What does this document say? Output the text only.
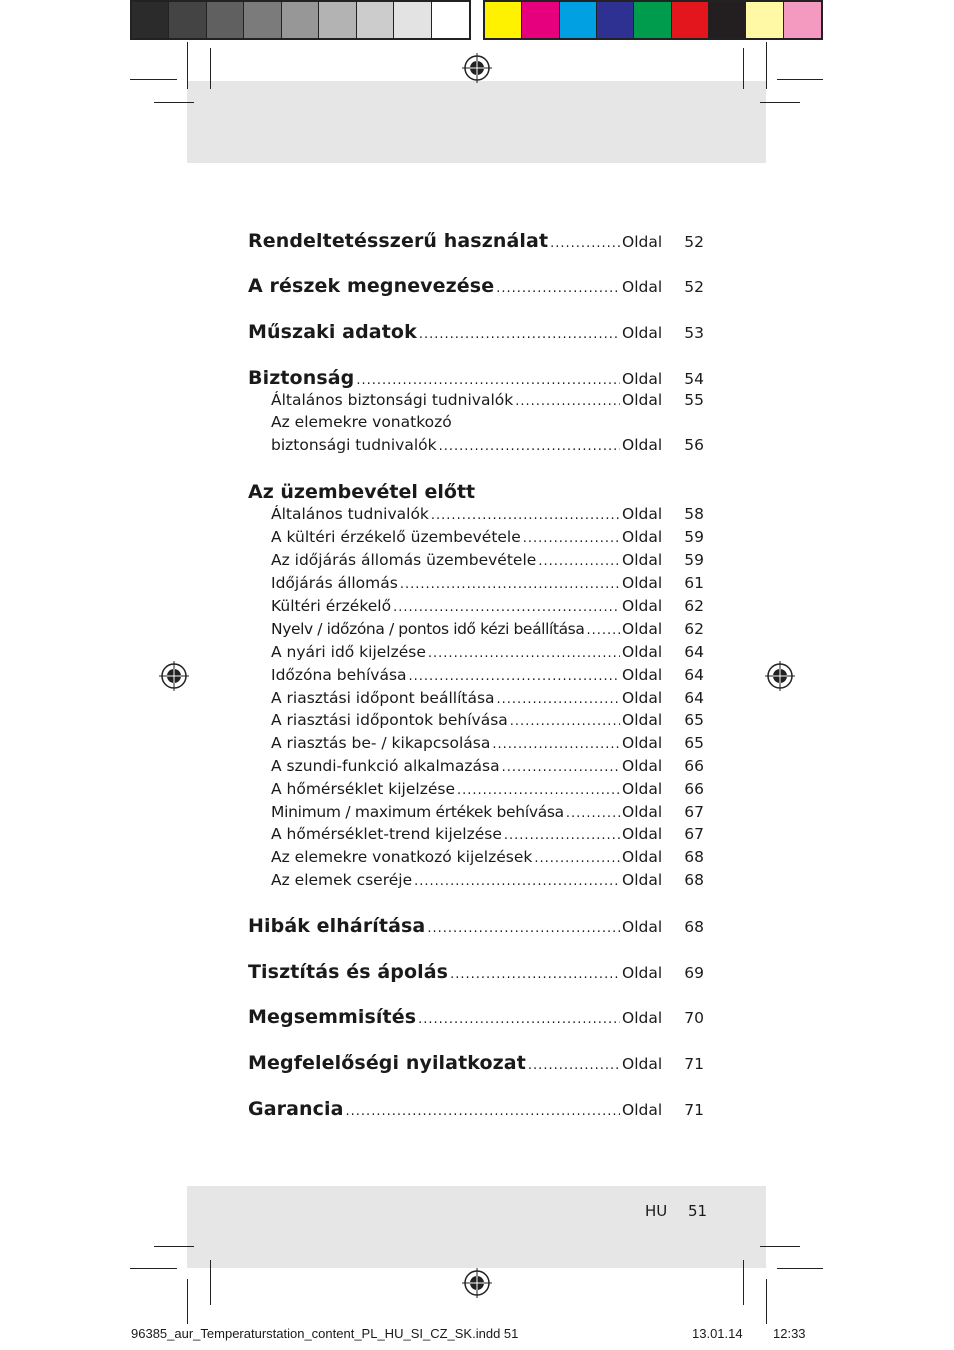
Rendeltetésszerű használat .....	Oldal	52
A részek megnevezése .....	Oldal	52
Műszaki adatok .....	Oldal	53
Biztonság .....	Oldal	54
Általános biztonsági tudnivalók .....	Oldal	55
Az elemekre vonatkozó
biztonsági tudnivalók .....	Oldal	56
Az üzembevétel előtt
Általános tudnivalók .....	Oldal	58
A kültéri érzékelő üzembevétele .....	Oldal	59
Az időjárás állomás üzembevétele .....	Oldal	59
Időjárás állomás .....	Oldal	61
Kültéri érzékelő .....	Oldal	62
Nyelv / időzóna / pontos idő kézi beállítása ..... Oldal	62
A nyári idő kijelzése .....	Oldal	64
Időzóna behívása .....	Oldal	64
A riasztási időpont beállítása .....	Oldal	64
A riasztási időpontok behívása .....	Oldal	65
A riasztás be- / kikapcsolása .....	Oldal	65
A szundi-funkció alkalmazása .....	Oldal	66
A hőmérséklet kijelzése .....	Oldal	66
Minimum / maximum értékek behívása .....	Oldal	67
A hőmérséklet-trend kijelzése .....	Oldal	67
Az elemekre vonatkozó kijelzések .....	Oldal	68
Az elemek cseréje .....	Oldal	68
Hibák elhárítása .....	Oldal	68
Tisztítás és ápolás .....	Oldal	69
Megsemmisítés .....	Oldal	70
Megfelelőségi nyilatkozat .....	Oldal	71
Garancia .....	Oldal	71
HU 51
96385_aur_Temperaturstation_content_PL_HU_SI_CZ_SK.indd 51	13.01.14 12:33
